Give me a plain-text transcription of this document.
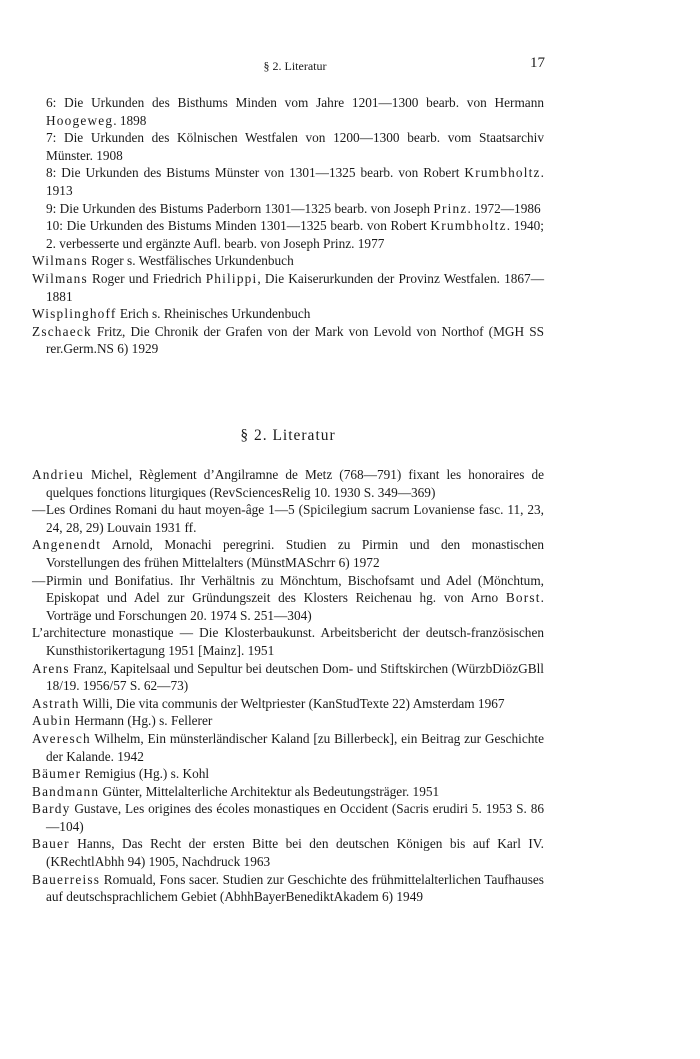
§ 2. Literatur	17
6: Die Urkunden des Bisthums Minden vom Jahre 1201—1300 bearb. von Hermann Hoogeweg. 1898
7: Die Urkunden des Kölnischen Westfalen von 1200—1300 bearb. vom Staatsarchiv Münster. 1908
8: Die Urkunden des Bistums Münster von 1301—1325 bearb. von Robert Krumbholtz. 1913
9: Die Urkunden des Bistums Paderborn 1301—1325 bearb. von Joseph Prinz. 1972—1986
10: Die Urkunden des Bistums Minden 1301—1325 bearb. von Robert Krumbholtz. 1940; 2. verbesserte und ergänzte Aufl. bearb. von Joseph Prinz. 1977

Wilmans Roger s. Westfälisches Urkundenbuch

Wilmans Roger und Friedrich Philippi, Die Kaiserurkunden der Provinz Westfalen. 1867—1881

Wisplinghoff Erich s. Rheinisches Urkundenbuch

Zschaeck Fritz, Die Chronik der Grafen von der Mark von Levold von Northof (MGH SS rer.Germ.NS 6) 1929

§ 2. Literatur

Andrieu Michel, Règlement d’Angilramne de Metz (768—791) fixant les honoraires de quelques fonctions liturgiques (RevSciencesRelig 10. 1930 S. 349—369)

—Les Ordines Romani du haut moyen-âge 1—5 (Spicilegium sacrum Lovaniense fasc. 11, 23, 24, 28, 29) Louvain 1931 ff.

Angenendt Arnold, Monachi peregrini. Studien zu Pirmin und den monastischen Vorstellungen des frühen Mittelalters (MünstMASchrr 6) 1972

—Pirmin und Bonifatius. Ihr Verhältnis zu Mönchtum, Bischofsamt und Adel (Mönchtum, Episkopat und Adel zur Gründungszeit des Klosters Reichenau hg. von Arno Borst. Vorträge und Forschungen 20. 1974 S. 251—304)

L’architecture monastique — Die Klosterbaukunst. Arbeitsbericht der deutsch-französischen Kunsthistorikertagung 1951 [Mainz]. 1951

Arens Franz, Kapitelsaal und Sepultur bei deutschen Dom- und Stiftskirchen (WürzbDiözGBll 18/19. 1956/57 S. 62—73)

Astrath Willi, Die vita communis der Weltpriester (KanStudTexte 22) Amsterdam 1967

Aubin Hermann (Hg.) s. Fellerer

Averesch Wilhelm, Ein münsterländischer Kaland [zu Billerbeck], ein Beitrag zur Geschichte der Kalande. 1942

Bäumer Remigius (Hg.) s. Kohl

Bandmann Günter, Mittelalterliche Architektur als Bedeutungsträger. 1951

Bardy Gustave, Les origines des écoles monastiques en Occident (Sacris erudiri 5. 1953 S. 86—104)

Bauer Hanns, Das Recht der ersten Bitte bei den deutschen Königen bis auf Karl IV. (KRechtlAbhh 94) 1905, Nachdruck 1963

Bauerreiss Romuald, Fons sacer. Studien zur Geschichte des frühmittelalterlichen Taufhauses auf deutschsprachlichem Gebiet (AbhhBayerBenediktAkadem 6) 1949
